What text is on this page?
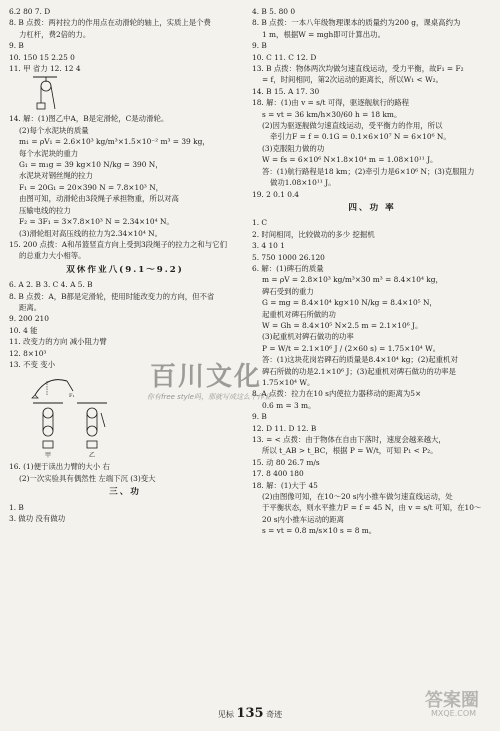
6.2 80 7. D
8. B 点拨：两衬拉力的作用点在动滑轮的轴上，实质上是个费
力杠杆，费2倍的力。
9. B
10. 150 15 2.25 0
11. 甲 省力 12. 12 4
14. 解：(1)图乙中A，B是定滑轮，C是动滑轮。
(2)每个水泥块的质量
m₁ = ρV₁ = 2.6×10³ kg/m³×1.5×10⁻² m³ = 39 kg，
每个水泥块的重力
G₁ = m₁g = 39 kg×10 N/kg = 390 N，
水泥块对钢丝绳的拉力
F₁ = 20G₁ = 20×390 N = 7.8×10³ N，
由图可知，动滑轮由3段绳子承担物重，所以对高
压输电线的拉力
F₂ = 3F₁ = 3×7.8×10³ N = 2.34×10⁴ N。
(3)滑轮组对高压线的拉力为2.34×10⁴ N。
15. 200 点拨：A和吊篮竖直方向上受到3段绳子的拉力之和与它们
的总重力大小相等。
双休作业八(9.1～9.2)
6. A 2. B 3. C 4. A 5. B
8. B 点拨：A，B都是定滑轮，使用时能改变力的方向，但不省
距离。
9. 200 210
10. 4 能
11. 改变力的方向 减小阻力臂
12. 8×10³
13. 不变 变小
F₁
甲	乙
16. (1)便于读出力臂的大小 右
(2)一次实验具有偶然性 左端下沉 (3)变大
三、功
1. B
3. 做功 没有做功
4. B 5. 80 0
8. B 点拨：一本八年级物理课本的质量约为200 g，课桌高约为
1 m，根据W = mgh即可计算出功。
9. B
10. C 11. C 12. D
13. B 点拨：物体两次均做匀速直线运动，受力平衡，故F₁ = F₂
= f，时间相同，第2次运动的距离长，所以W₁ < W₂。
14. B 15. A 17. 30
18. 解：(1)由 v = s/t 可得，驱逐舰航行的路程
s = vt = 36 km/h×30/60 h = 18 km。
(2)因为驱逐舰做匀速直线运动，受平衡力的作用，所以
牵引力F = f = 0.1G = 0.1×6×10⁷ N = 6×10⁶ N。
(3)克服阻力做的功
W = fs = 6×10⁶ N×1.8×10⁴ m = 1.08×10¹¹ J。
答：(1)航行路程是18 km；(2)牵引力是6×10⁶ N；(3)克服阻力
做功1.08×10¹¹ J。
19. 2 0.1 0.4
四、功 率
1. C
2. 时间相同，比较做功的多少 挖掘机
3. 4 10 1
5. 750 1000 26.120
6. 解：(1)碑石的质量
m = ρV = 2.8×10³ kg/m³×30 m³ = 8.4×10⁴ kg，
碑石受到的重力
G = mg = 8.4×10⁴ kg×10 N/kg = 8.4×10⁵ N，
起重机对碑石所做的功
W = Gh = 8.4×10⁵ N×2.5 m = 2.1×10⁶ J。
(3)起重机对碑石做功的功率
P = W/t = 2.1×10⁶ J / (2×60 s) = 1.75×10⁴ W。
答：(1)这块花岗岩碑石的质量是8.4×10⁴ kg；(2)起重机对
碑石所做的功是2.1×10⁶ J；(3)起重机对碑石做功的功率是
1.75×10⁴ W。
8. A 点拨：拉力在10 s内使拉力器移动的距离为5×
0.6 m = 3 m。
9. B
12. D 11. D 12. B
13. = < 点拨：由于物体在自由下落时，速度会越来越大，
所以 t_AB > t_BC，根据 P = W/t，可知 P₁ < P₂。
15. 动 80 26.7 m/s
17. 8 400 180
18. 解：(1)大于 45
(2)由图像可知，在10～20 s内小推车做匀速直线运动，处
于平衡状态，则水平推力F = f = 45 N，由 v = s/t 可知，在10～
20 s内小推车运动的距离
s = vt = 0.8 m/s×10 s = 8 m。
见标 135 奇迹
百川文化
你有free style吗，那就写成这么个作业
答案圈
MXQE.COM
